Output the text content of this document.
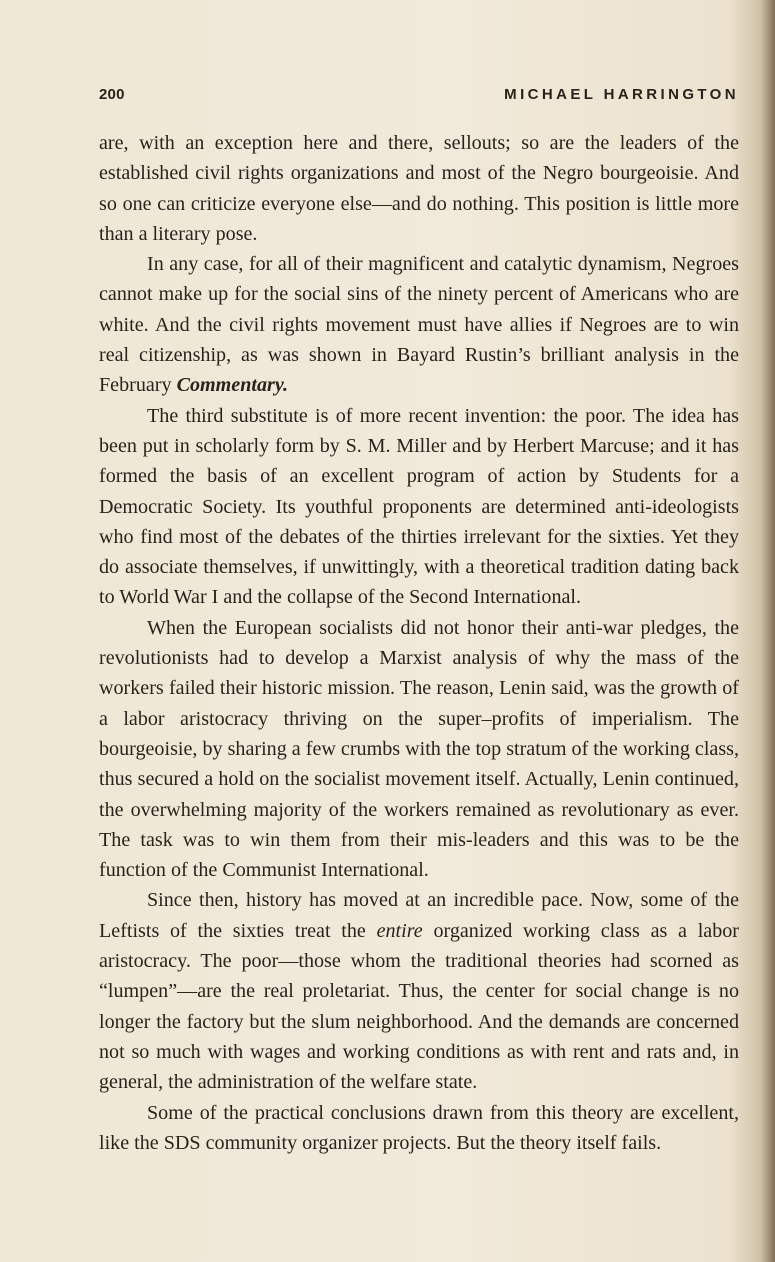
200	MICHAEL HARRINGTON

are, with an exception here and there, sellouts; so are the leaders of the established civil rights organizations and most of the Negro bourgeoisie. And so one can criticize everyone else—and do nothing. This position is little more than a literary pose.

In any case, for all of their magnificent and catalytic dynamism, Negroes cannot make up for the social sins of the ninety percent of Americans who are white. And the civil rights movement must have allies if Negroes are to win real citizenship, as was shown in Bayard Rustin’s brilliant analysis in the February Commentary.

The third substitute is of more recent invention: the poor. The idea has been put in scholarly form by S. M. Miller and by Herbert Marcuse; and it has formed the basis of an excellent program of action by Students for a Democratic Society. Its youthful proponents are determined anti-ideologists who find most of the debates of the thirties irrelevant for the sixties. Yet they do associate themselves, if unwittingly, with a theoretical tradition dating back to World War I and the collapse of the Second International.

When the European socialists did not honor their anti-war pledges, the revolutionists had to develop a Marxist analysis of why the mass of the workers failed their historic mission. The reason, Lenin said, was the growth of a labor aristocracy thriving on the super–profits of imperialism. The bourgeoisie, by sharing a few crumbs with the top stratum of the working class, thus secured a hold on the socialist movement itself. Actually, Lenin continued, the overwhelming majority of the workers remained as revolutionary as ever. The task was to win them from their mis-leaders and this was to be the function of the Communist International.

Since then, history has moved at an incredible pace. Now, some of the Leftists of the sixties treat the entire organized working class as a labor aristocracy. The poor—those whom the traditional theories had scorned as “lumpen”—are the real proletariat. Thus, the center for social change is no longer the factory but the slum neighborhood. And the demands are concerned not so much with wages and working conditions as with rent and rats and, in general, the administration of the welfare state.

Some of the practical conclusions drawn from this theory are excellent, like the SDS community organizer projects. But the theory itself fails.
